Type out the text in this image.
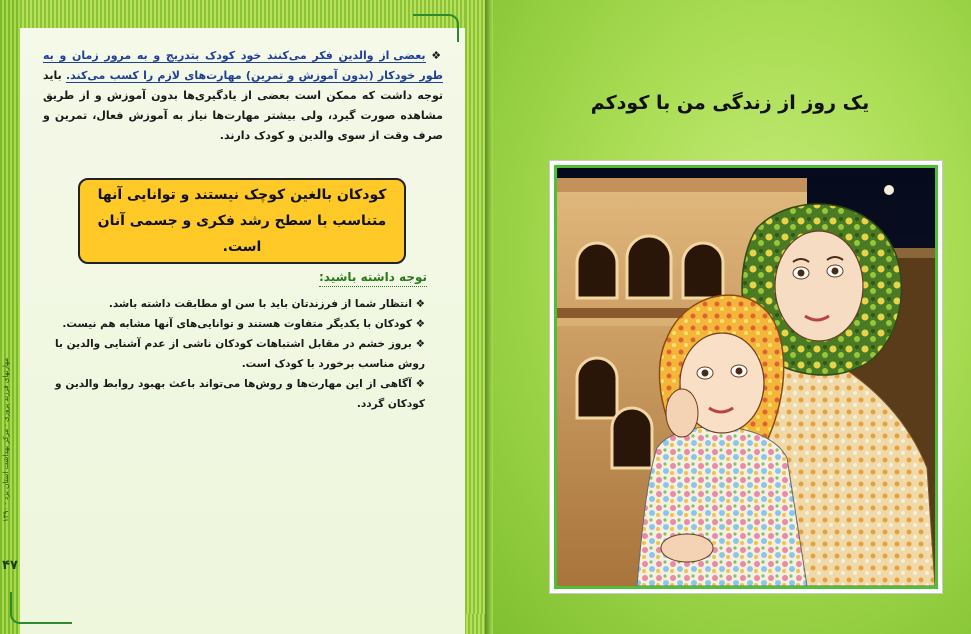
مهارتهای فرزند پروری - مرکز بهداشت استان یزد - ۱۳۹۰
۴۷
❖ بعضی از والدین فکر می‌کنند خود کودک بتدریج و به مرور زمان و به طور خودکار (بدون آموزش و تمرین) مهارت‌های لازم را کسب می‌کند. باید توجه داشت که ممکن است بعضی از یادگیری‌ها بدون آموزش و از طریق مشاهده صورت گیرد، ولی بیشتر مهارت‌ها نیاز به آموزش فعال، تمرین و صرف وقت از سوی والدین و کودک دارند.
کودکان بالغین کوچک نیستند و توانایی آنها متناسب با سطح رشد فکری و جسمی آنان است.
توجه داشته باشید:
❖ انتظار شما از فرزندتان باید با سن او مطابقت داشته باشد.
❖ کودکان با یکدیگر متفاوت هستند و توانایی‌های آنها مشابه هم نیست.
❖ بروز خشم در مقابل اشتباهات کودکان ناشی از عدم آشنایی والدین با روش مناسب برخورد با کودک است.
❖ آگاهی از این مهارت‌ها و روش‌ها می‌تواند باعث بهبود روابط والدین و کودکان گردد.
یک روز از زندگی من با کودکم
